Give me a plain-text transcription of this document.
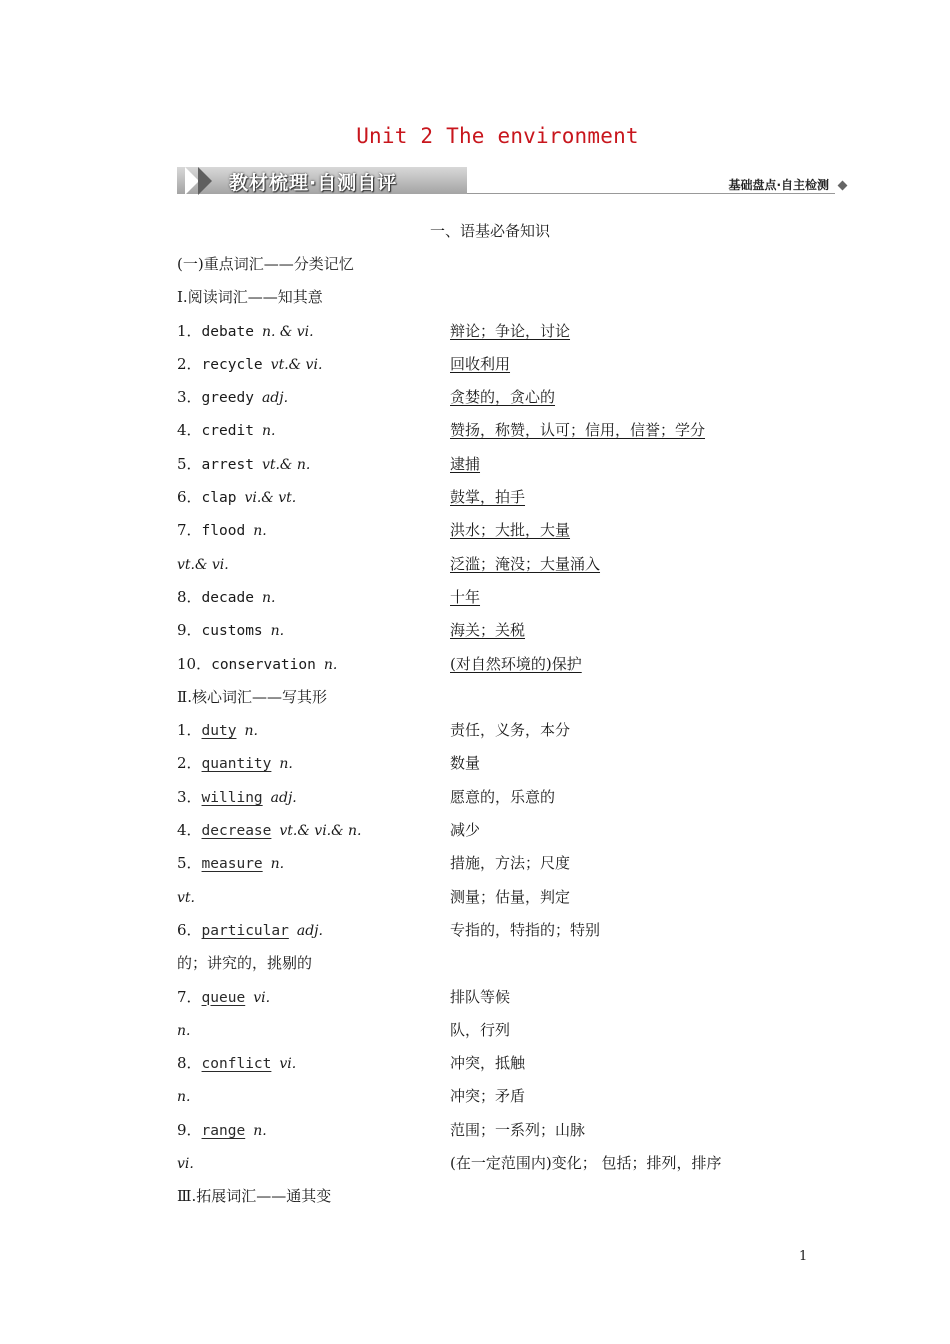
Unit 2 The environment
教材梳理·自测自评	基础盘点·自主检测
一、语基必备知识
(一)重点词汇——分类记忆
Ⅰ.阅读词汇——知其意
1．debate n. & vi.	辩论；争论，讨论
2．recycle vt.& vi.	回收利用
3．greedy adj.	贪婪的，贪心的
4．credit n.	赞扬，称赞，认可；信用，信誉；学分
5．arrest vt.& n.	逮捕
6．clap vi.& vt.	鼓掌，拍手
7．flood n.	洪水；大批，大量
vt.& vi.	泛滥；淹没；大量涌入
8．decade n.	十年
9．customs n.	海关；关税
10．conservation n.	(对自然环境的)保护
Ⅱ.核心词汇——写其形
1．duty n.	责任，义务，本分
2．quantity n.	数量
3．willing adj.	愿意的，乐意的
4．decrease vt.& vi.& n.	减少
5．measure n.	措施，方法；尺度
vt.	测量；估量，判定
6．particular adj.	专指的，特指的；特别
的；讲究的，挑剔的
7．queue vi.	排队等候
n.	队，行列
8．conflict vi.	冲突，抵触
n.	冲突；矛盾
9．range n.	范围；一系列；山脉
vi.	(在一定范围内)变化； 包括；排列，排序
Ⅲ.拓展词汇——通其变
1
